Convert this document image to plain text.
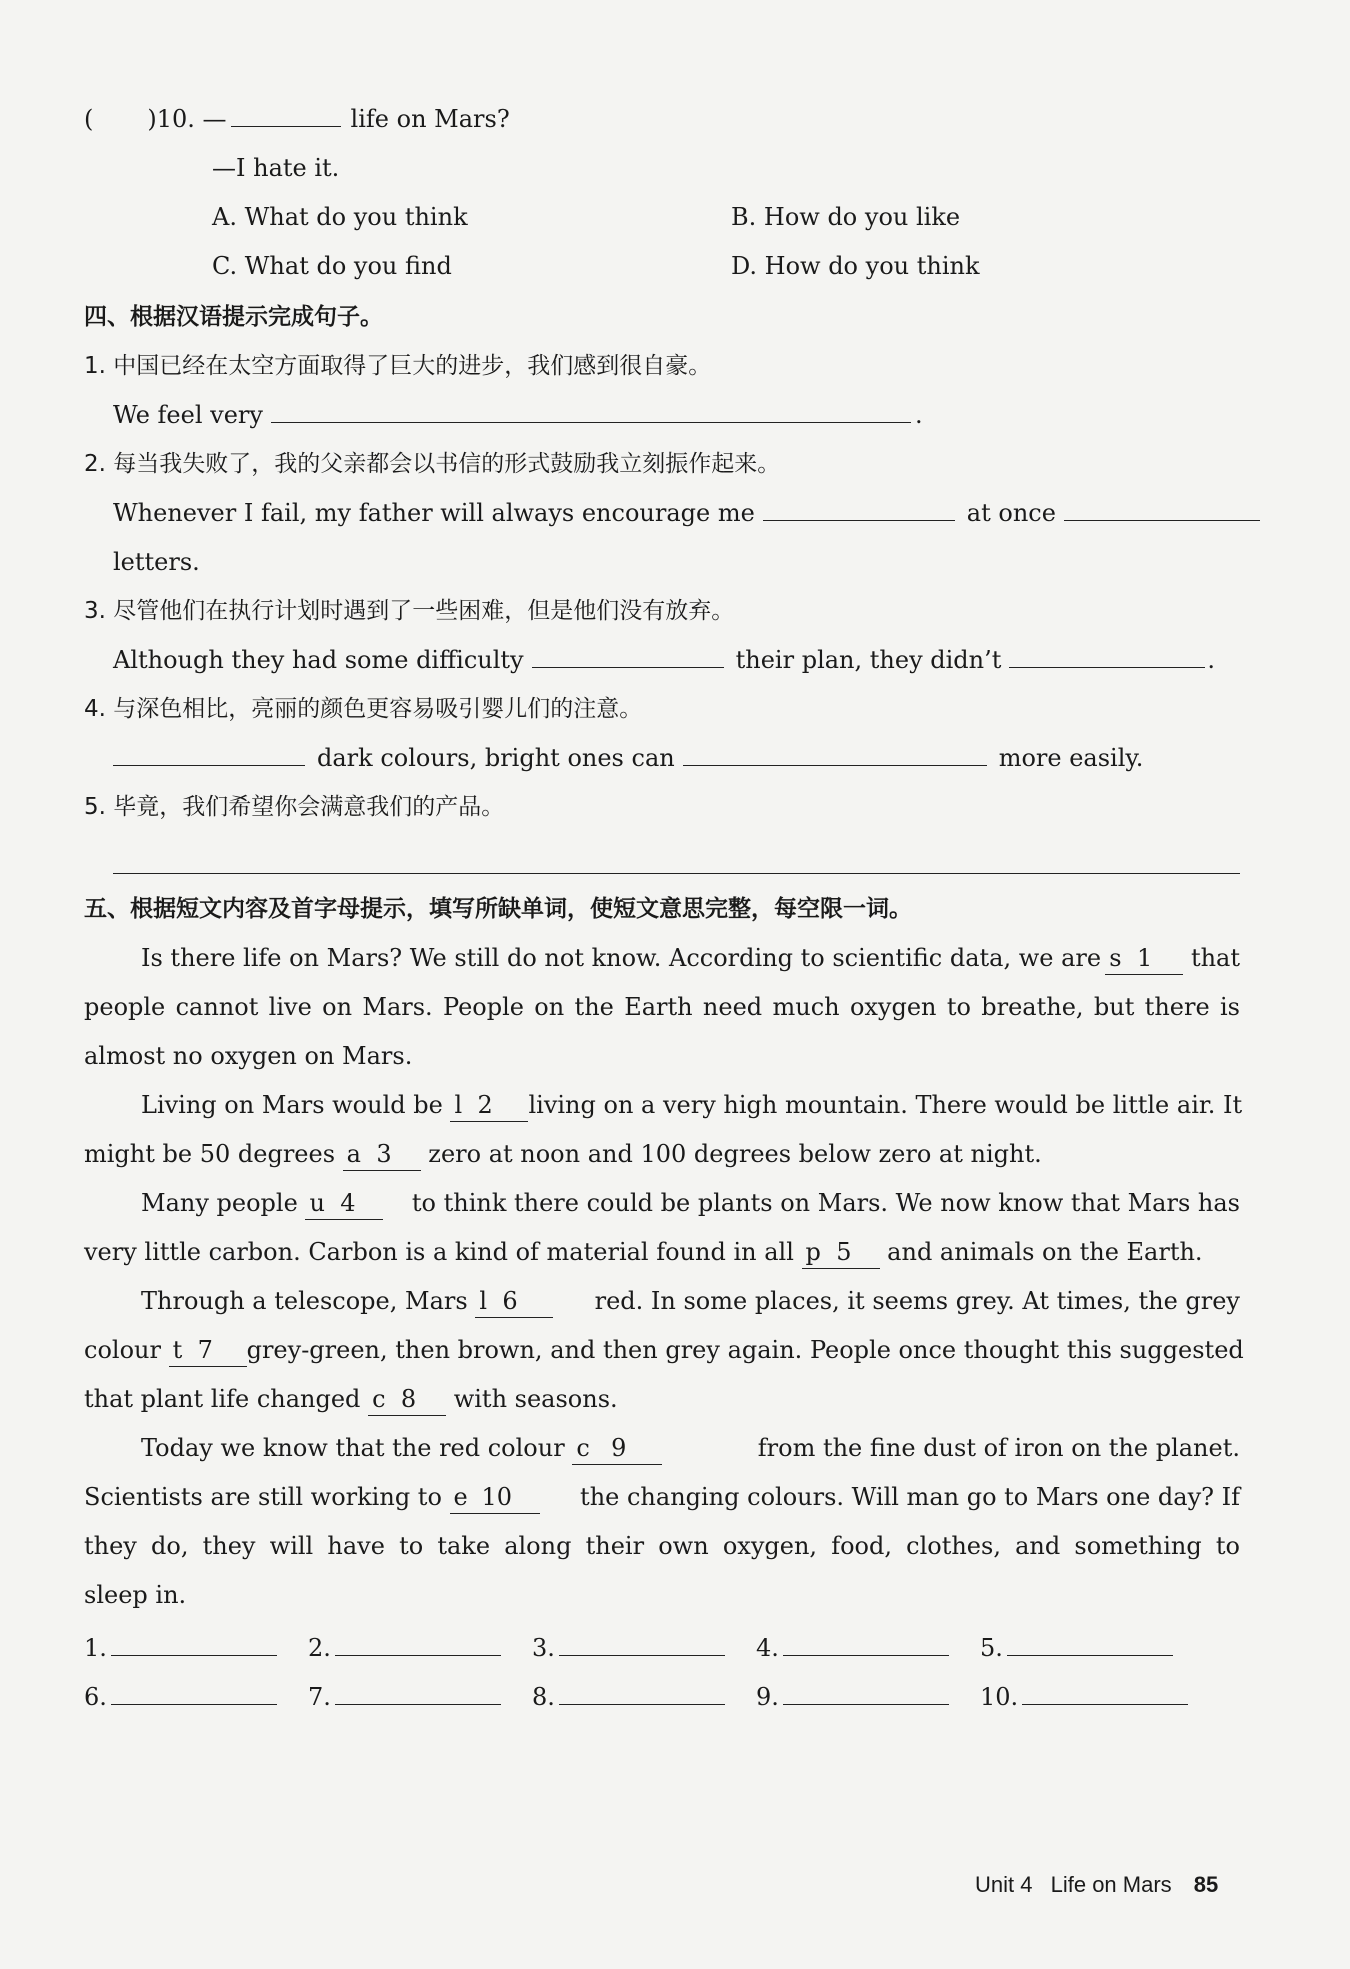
( )10. —	life on Mars?
—I hate it.
A. What do you think	B. How do you like
C. What do you find	D. How do you think
四、根据汉语提示完成句子。
1. 中国已经在太空方面取得了巨大的进步，我们感到很自豪。
We feel very	.
2. 每当我失败了，我的父亲都会以书信的形式鼓励我立刻振作起来。
Whenever I fail, my father will always encourage me	at once
letters.
3. 尽管他们在执行计划时遇到了一些困难，但是他们没有放弃。
Although they had some difficulty	their plan, they didn’t	.
4. 与深色相比，亮丽的颜色更容易吸引婴儿们的注意。
dark colours, bright ones can	more easily.
5. 毕竟，我们希望你会满意我们的产品。
五、根据短文内容及首字母提示，填写所缺单词，使短文意思完整，每空限一词。
Is there life on Mars? We still do not know. According to scientific data, we are s 1 that
people cannot live on Mars. People on the Earth need much oxygen to breathe, but there is
almost no oxygen on Mars.
Living on Mars would be l 2	living on a very high mountain. There would be little air. It
might be 50 degrees a 3 zero at noon and 100 degrees below zero at night.
Many people u 4	to think there could be plants on Mars. We now know that Mars has
very little carbon. Carbon is a kind of material found in all p 5 and animals on the Earth.
Through a telescope, Mars l 6	red. In some places, it seems grey. At times, the grey
colour t 7	grey-green, then brown, and then grey again. People once thought this suggested
that plant life changed c 8 with seasons.
Today we know that the red colour c 9	from the fine dust of iron on the planet.
Scientists are still working to e 10	the changing colours. Will man go to Mars one day? If
they do, they will have to take along their own oxygen, food, clothes, and something to
sleep in.
1.	2.	3.	4.	5.
6.	7.	8.	9.	10.
Unit 4 Life on Mars 85
